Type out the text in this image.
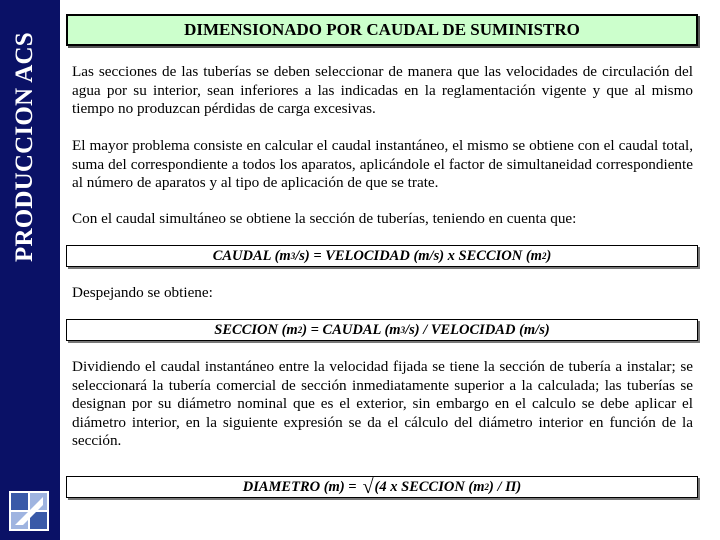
PRODUCCION ACS
DIMENSIONADO POR CAUDAL DE SUMINISTRO

Las secciones de las tuberías se deben seleccionar de manera que las velocidades de circulación del agua por su interior, sean inferiores a las indicadas en la reglamentación vigente y que al mismo tiempo no produzcan pérdidas de carga excesivas.

El mayor problema consiste en calcular el caudal instantáneo, el mismo se obtiene con el caudal total, suma del correspondiente a todos los aparatos, aplicándole el factor de simultaneidad correspondiente al número de aparatos y al tipo de aplicación de que se trate.

Con el caudal simultáneo se obtiene la sección de tuberías, teniendo en cuenta que:

CAUDAL (m 3 /s) = VELOCIDAD (m/s) x SECCION (m 2 )

Despejando se obtiene:

SECCION (m 2 ) = CAUDAL (m 3 /s) / VELOCIDAD (m/s)

Dividiendo el caudal instantáneo entre la velocidad fijada se tiene la sección de tubería a instalar; se seleccionará la tubería comercial de sección inmediatamente superior a la calculada; las tuberías se designan por su diámetro nominal que es el exterior, sin embargo en el calculo se debe aplicar el diámetro interior, en la siguiente expresión se da el cálculo del diámetro interior en función de la sección.

DIAMETRO (m) = √ (4 x SECCION (m 2 ) / Π)
